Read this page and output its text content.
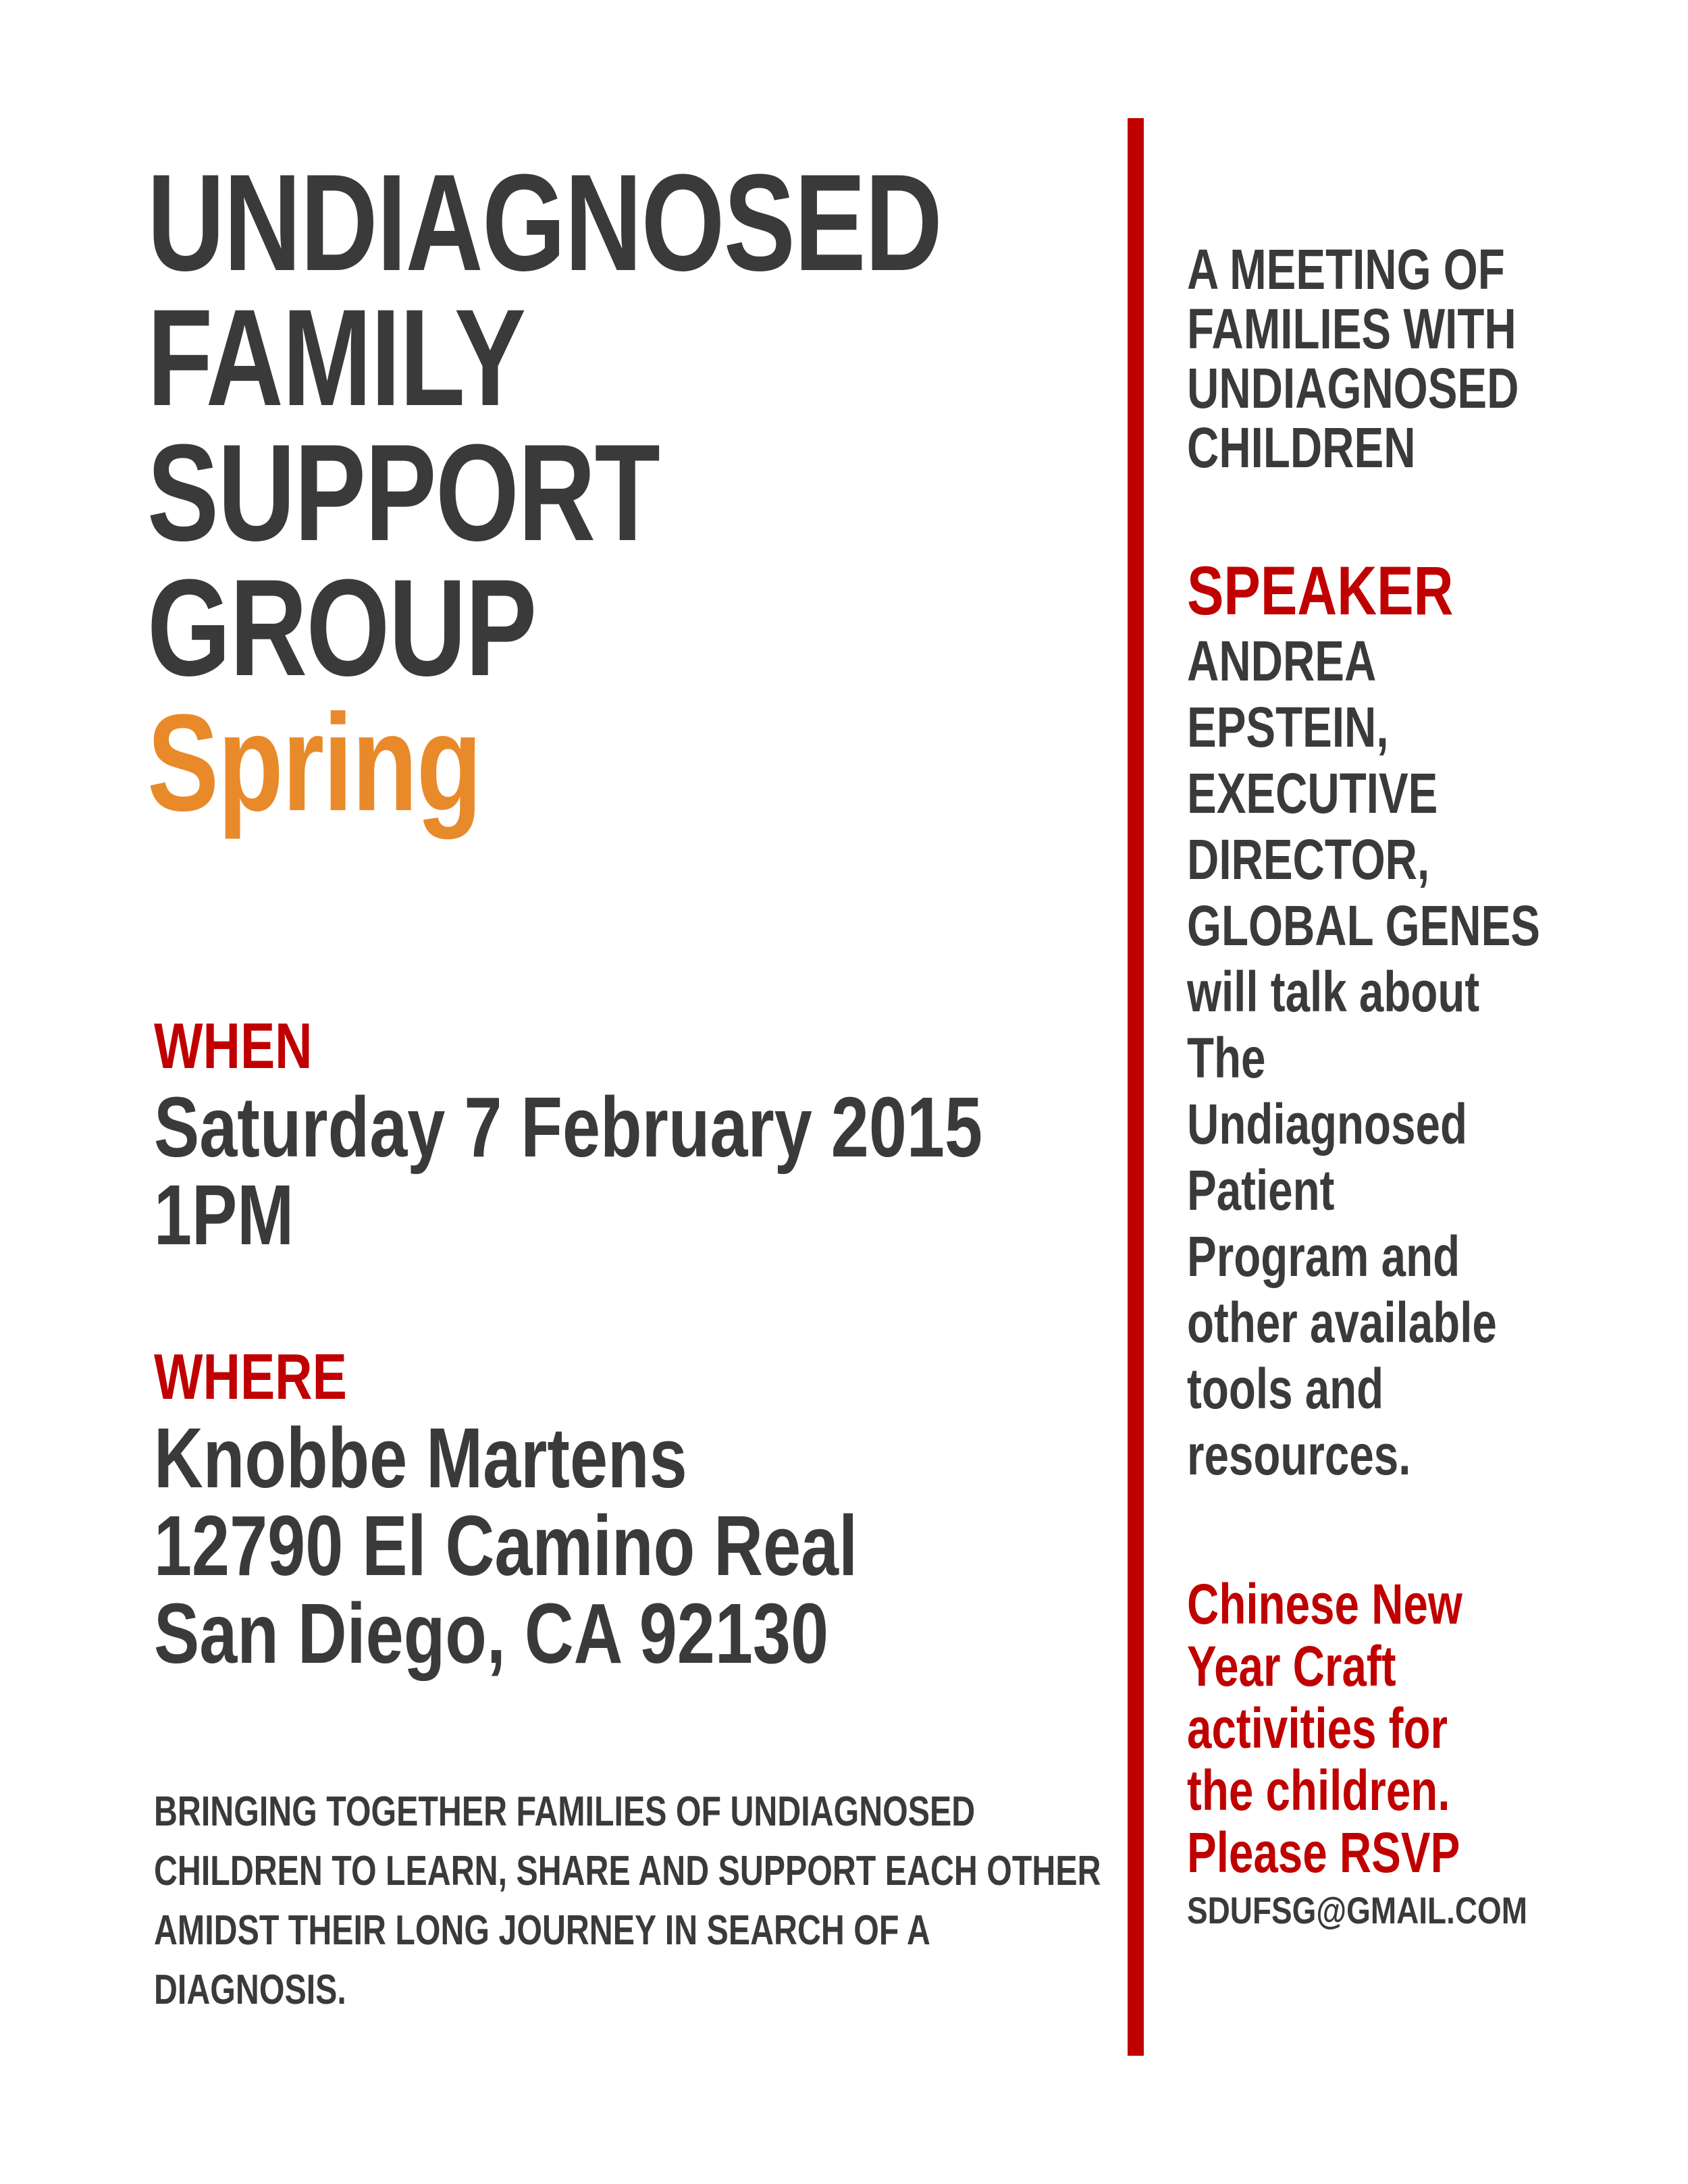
UNDIAGNOSED
FAMILY
SUPPORT
GROUP
Spring
WHEN
Saturday 7 February 2015
1PM
WHERE
Knobbe Martens
12790 El Camino Real
San Diego, CA 92130
BRINGING TOGETHER FAMILIES OF UNDIAGNOSED
CHILDREN TO LEARN, SHARE AND SUPPORT EACH OTHER
AMIDST THEIR LONG JOURNEY IN SEARCH OF A
DIAGNOSIS.
A MEETING OF
FAMILIES WITH
UNDIAGNOSED
CHILDREN
SPEAKER
ANDREA
EPSTEIN,
EXECUTIVE
DIRECTOR,
GLOBAL GENES
will talk about
The
Undiagnosed
Patient
Program and
other available
tools and
resources.
Chinese New
Year Craft
activities for
the children.
Please RSVP
SDUFSG@GMAIL.COM
